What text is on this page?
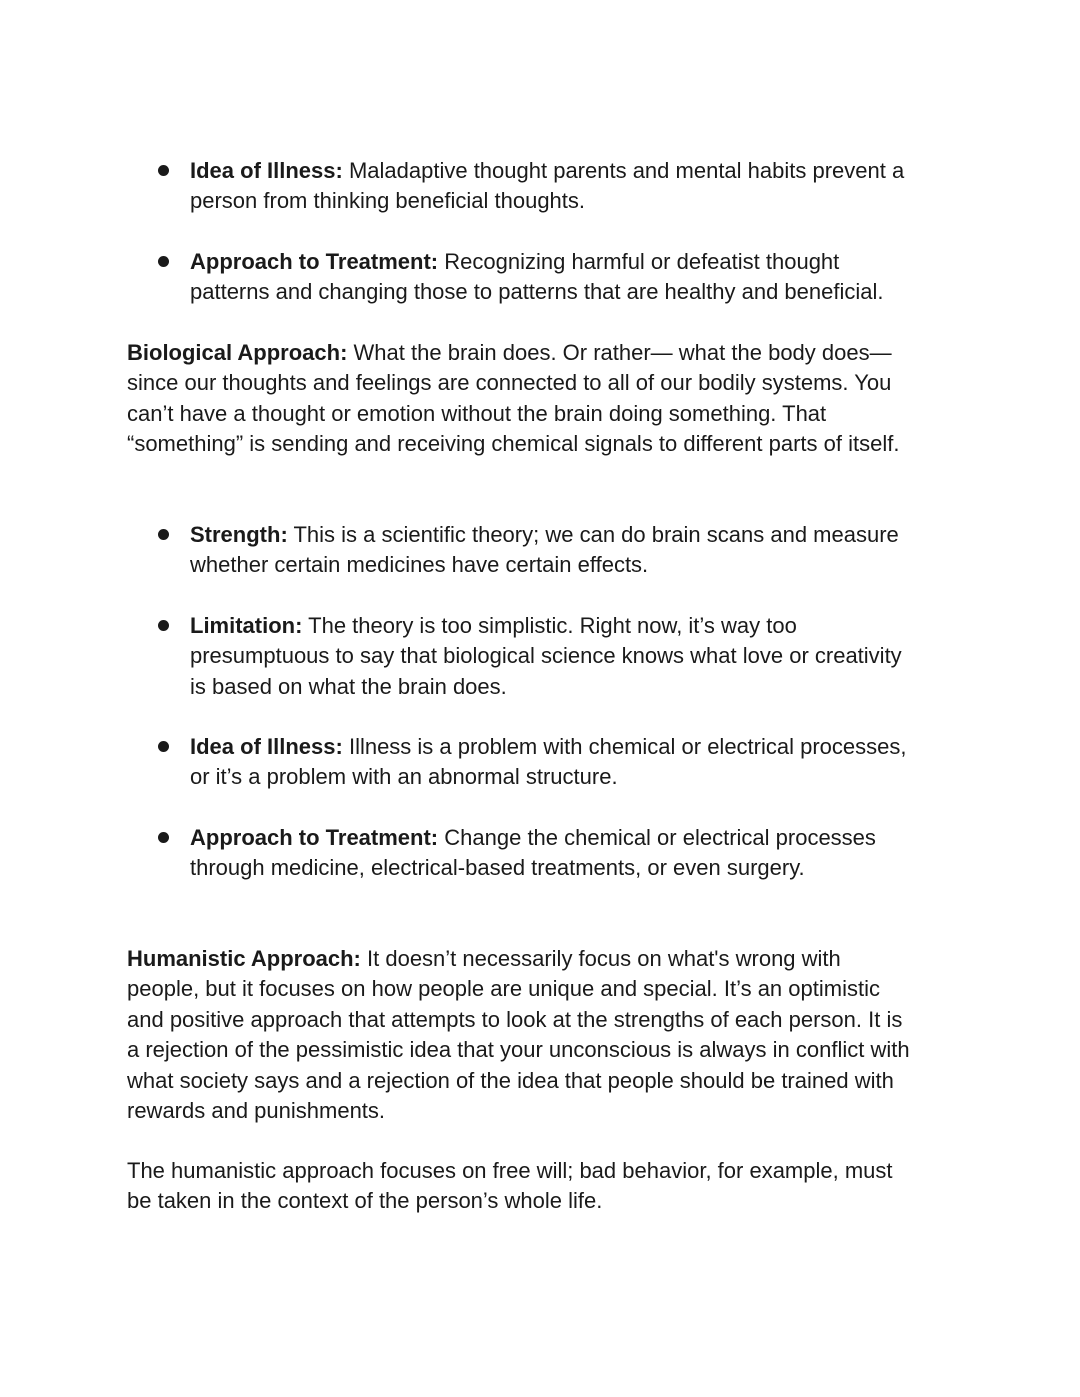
Idea of Illness: Maladaptive thought parents and mental habits prevent a
person from thinking beneficial thoughts.
Approach to Treatment: Recognizing harmful or defeatist thought
patterns and changing those to patterns that are healthy and beneficial.
Biological Approach: What the brain does. Or rather— what the body does—
since our thoughts and feelings are connected to all of our bodily systems. You
can’t have a thought or emotion without the brain doing something. That
“something” is sending and receiving chemical signals to different parts of itself.
Strength: This is a scientific theory; we can do brain scans and measure
whether certain medicines have certain effects.
Limitation: The theory is too simplistic. Right now, it’s way too
presumptuous to say that biological science knows what love or creativity
is based on what the brain does.
Idea of Illness: Illness is a problem with chemical or electrical processes,
or it’s a problem with an abnormal structure.
Approach to Treatment: Change the chemical or electrical processes
through medicine, electrical-based treatments, or even surgery.
Humanistic Approach: It doesn’t necessarily focus on what's wrong with
people, but it focuses on how people are unique and special. It’s an optimistic
and positive approach that attempts to look at the strengths of each person. It is
a rejection of the pessimistic idea that your unconscious is always in conflict with
what society says and a rejection of the idea that people should be trained with
rewards and punishments.
The humanistic approach focuses on free will; bad behavior, for example, must
be taken in the context of the person’s whole life.
